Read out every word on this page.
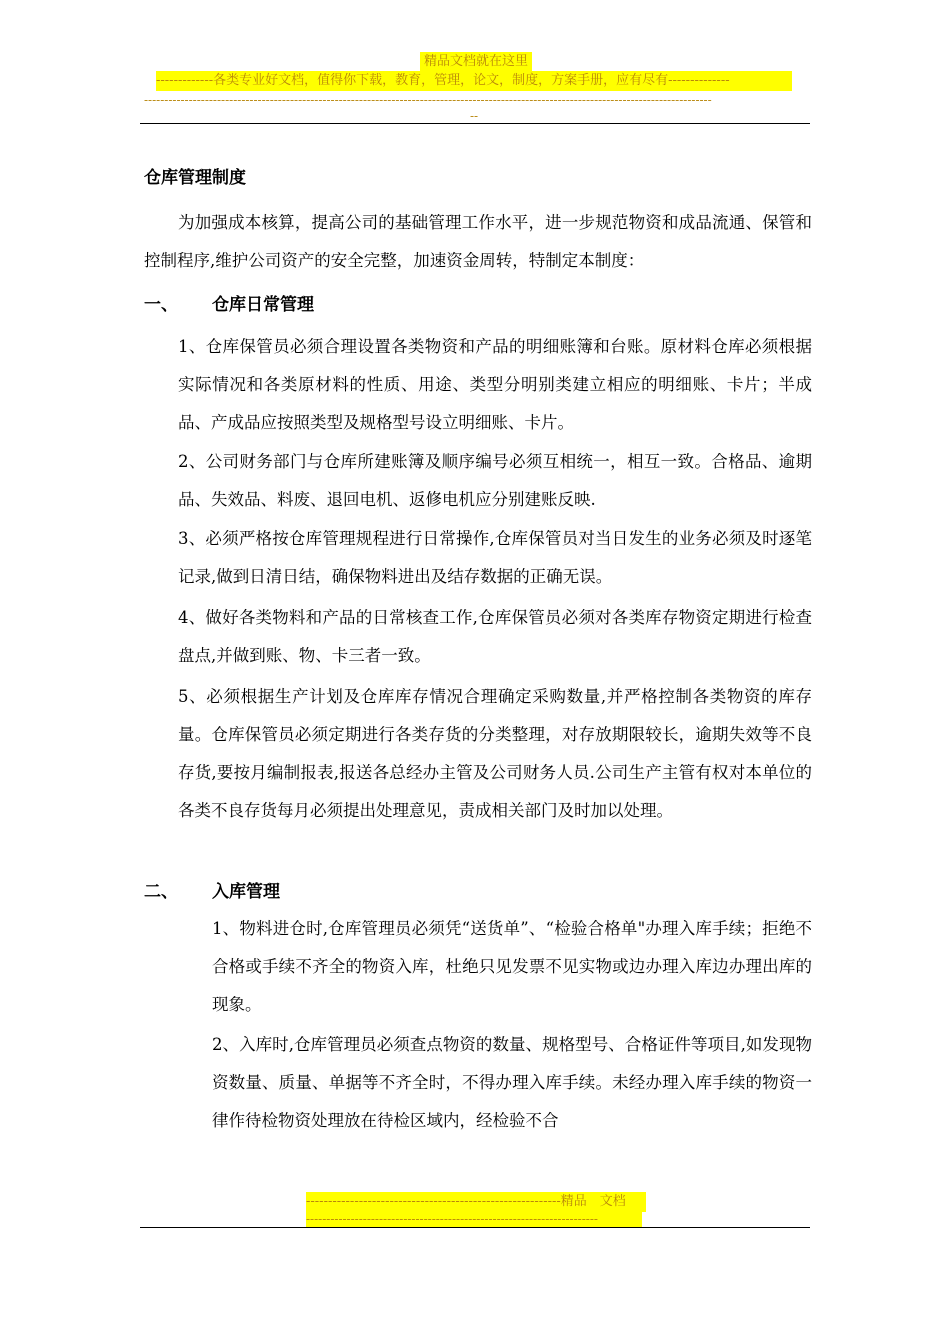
精品文档就在这里
-------------各类专业好文档，值得你下载，教育，管理，论文，制度，方案手册，应有尽有--------------
--------------------------------------------------------------------------------------------------------------------------------------------
--
仓库管理制度

为加强成本核算，提高公司的基础管理工作水平，进一步规范物资和成品流通、保管和控制程序,维护公司资产的安全完整，加速资金周转，特制定本制度：

一、 仓库日常管理

1、仓库保管员必须合理设置各类物资和产品的明细账簿和台账。原材料仓库必须根据实际情况和各类原材料的性质、用途、类型分明别类建立相应的明细账、卡片；半成品、产成品应按照类型及规格型号设立明细账、卡片。

2、公司财务部门与仓库所建账簿及顺序编号必须互相统一，相互一致。合格品、逾期品、失效品、料废、退回电机、返修电机应分别建账反映.

3、必须严格按仓库管理规程进行日常操作,仓库保管员对当日发生的业务必须及时逐笔记录,做到日清日结，确保物料进出及结存数据的正确无误。

4、做好各类物料和产品的日常核查工作,仓库保管员必须对各类库存物资定期进行检查盘点,并做到账、物、卡三者一致。

5、必须根据生产计划及仓库库存情况合理确定采购数量,并严格控制各类物资的库存量。仓库保管员必须定期进行各类存货的分类整理，对存放期限较长，逾期失效等不良存货,要按月编制报表,报送各总经办主管及公司财务人员.公司生产主管有权对本单位的各类不良存货每月必须提出处理意见，责成相关部门及时加以处理。

二、 入库管理

1、物料进仓时,仓库管理员必须凭“送货单”、“检验合格单"办理入库手续；拒绝不合格或手续不齐全的物资入库，杜绝只见发票不见实物或边办理入库边办理出库的现象。

2、入库时,仓库管理员必须查点物资的数量、规格型号、合格证件等项目,如发现物资数量、质量、单据等不齐全时，不得办理入库手续。未经办理入库手续的物资一律作待检物资处理放在待检区域内，经检验不合

----------------------------------------------------------精品　文档
------------------------------------------------------------------------
